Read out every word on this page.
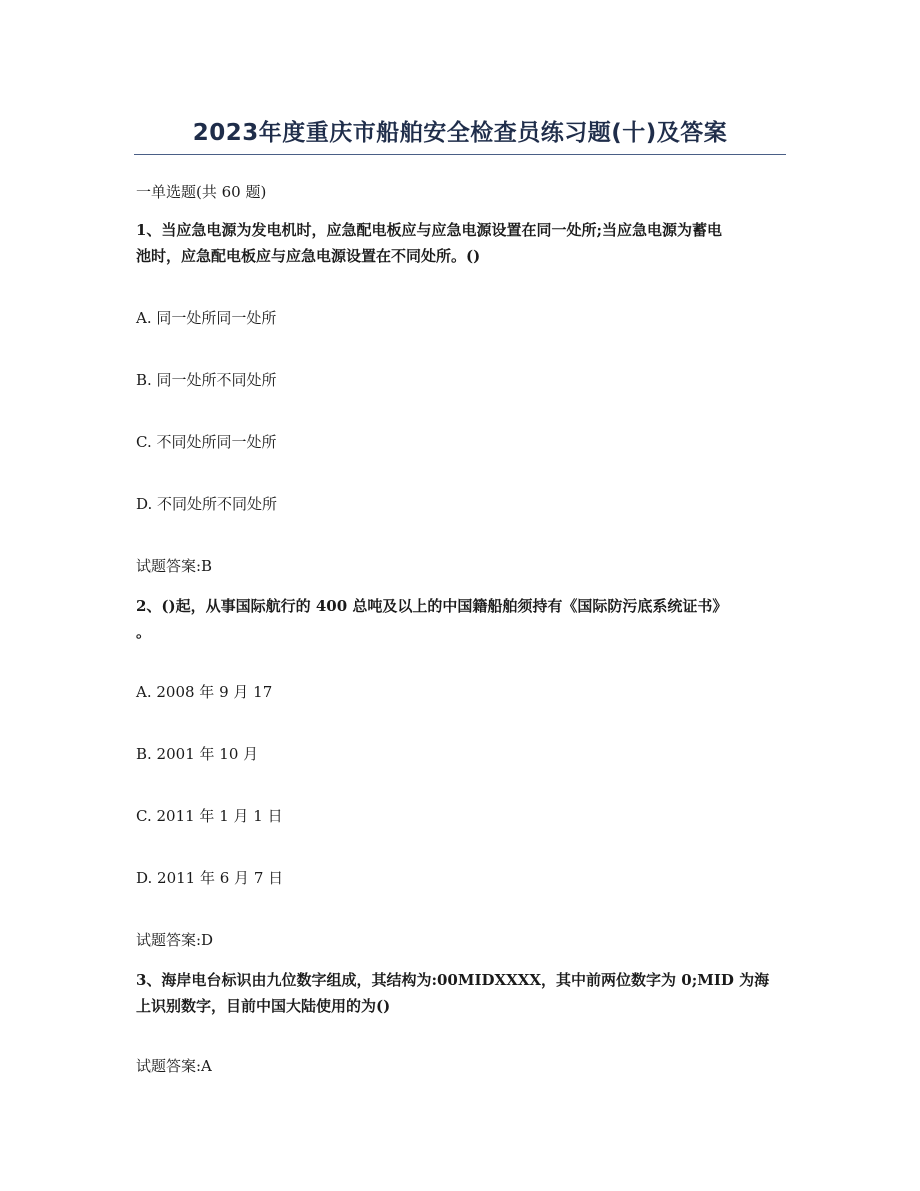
2023年度重庆市船舶安全检查员练习题(十)及答案
一单选题(共 60 题)
1、当应急电源为发电机时，应急配电板应与应急电源设置在同一处所;当应急电源为蓄电
池时，应急配电板应与应急电源设置在不同处所。()
A. 同一处所同一处所
B. 同一处所不同处所
C. 不同处所同一处所
D. 不同处所不同处所
试题答案:B
2、()起，从事国际航行的 400 总吨及以上的中国籍船舶须持有《国际防污底系统证书》
。
A. 2008 年 9 月 17
B. 2001 年 10 月
C. 2011 年 1 月 1 日
D. 2011 年 6 月 7 日
试题答案:D
3、海岸电台标识由九位数字组成，其结构为:00MIDXXXX，其中前两位数字为 0;MID 为海
上识别数字，目前中国大陆使用的为()
试题答案:A
